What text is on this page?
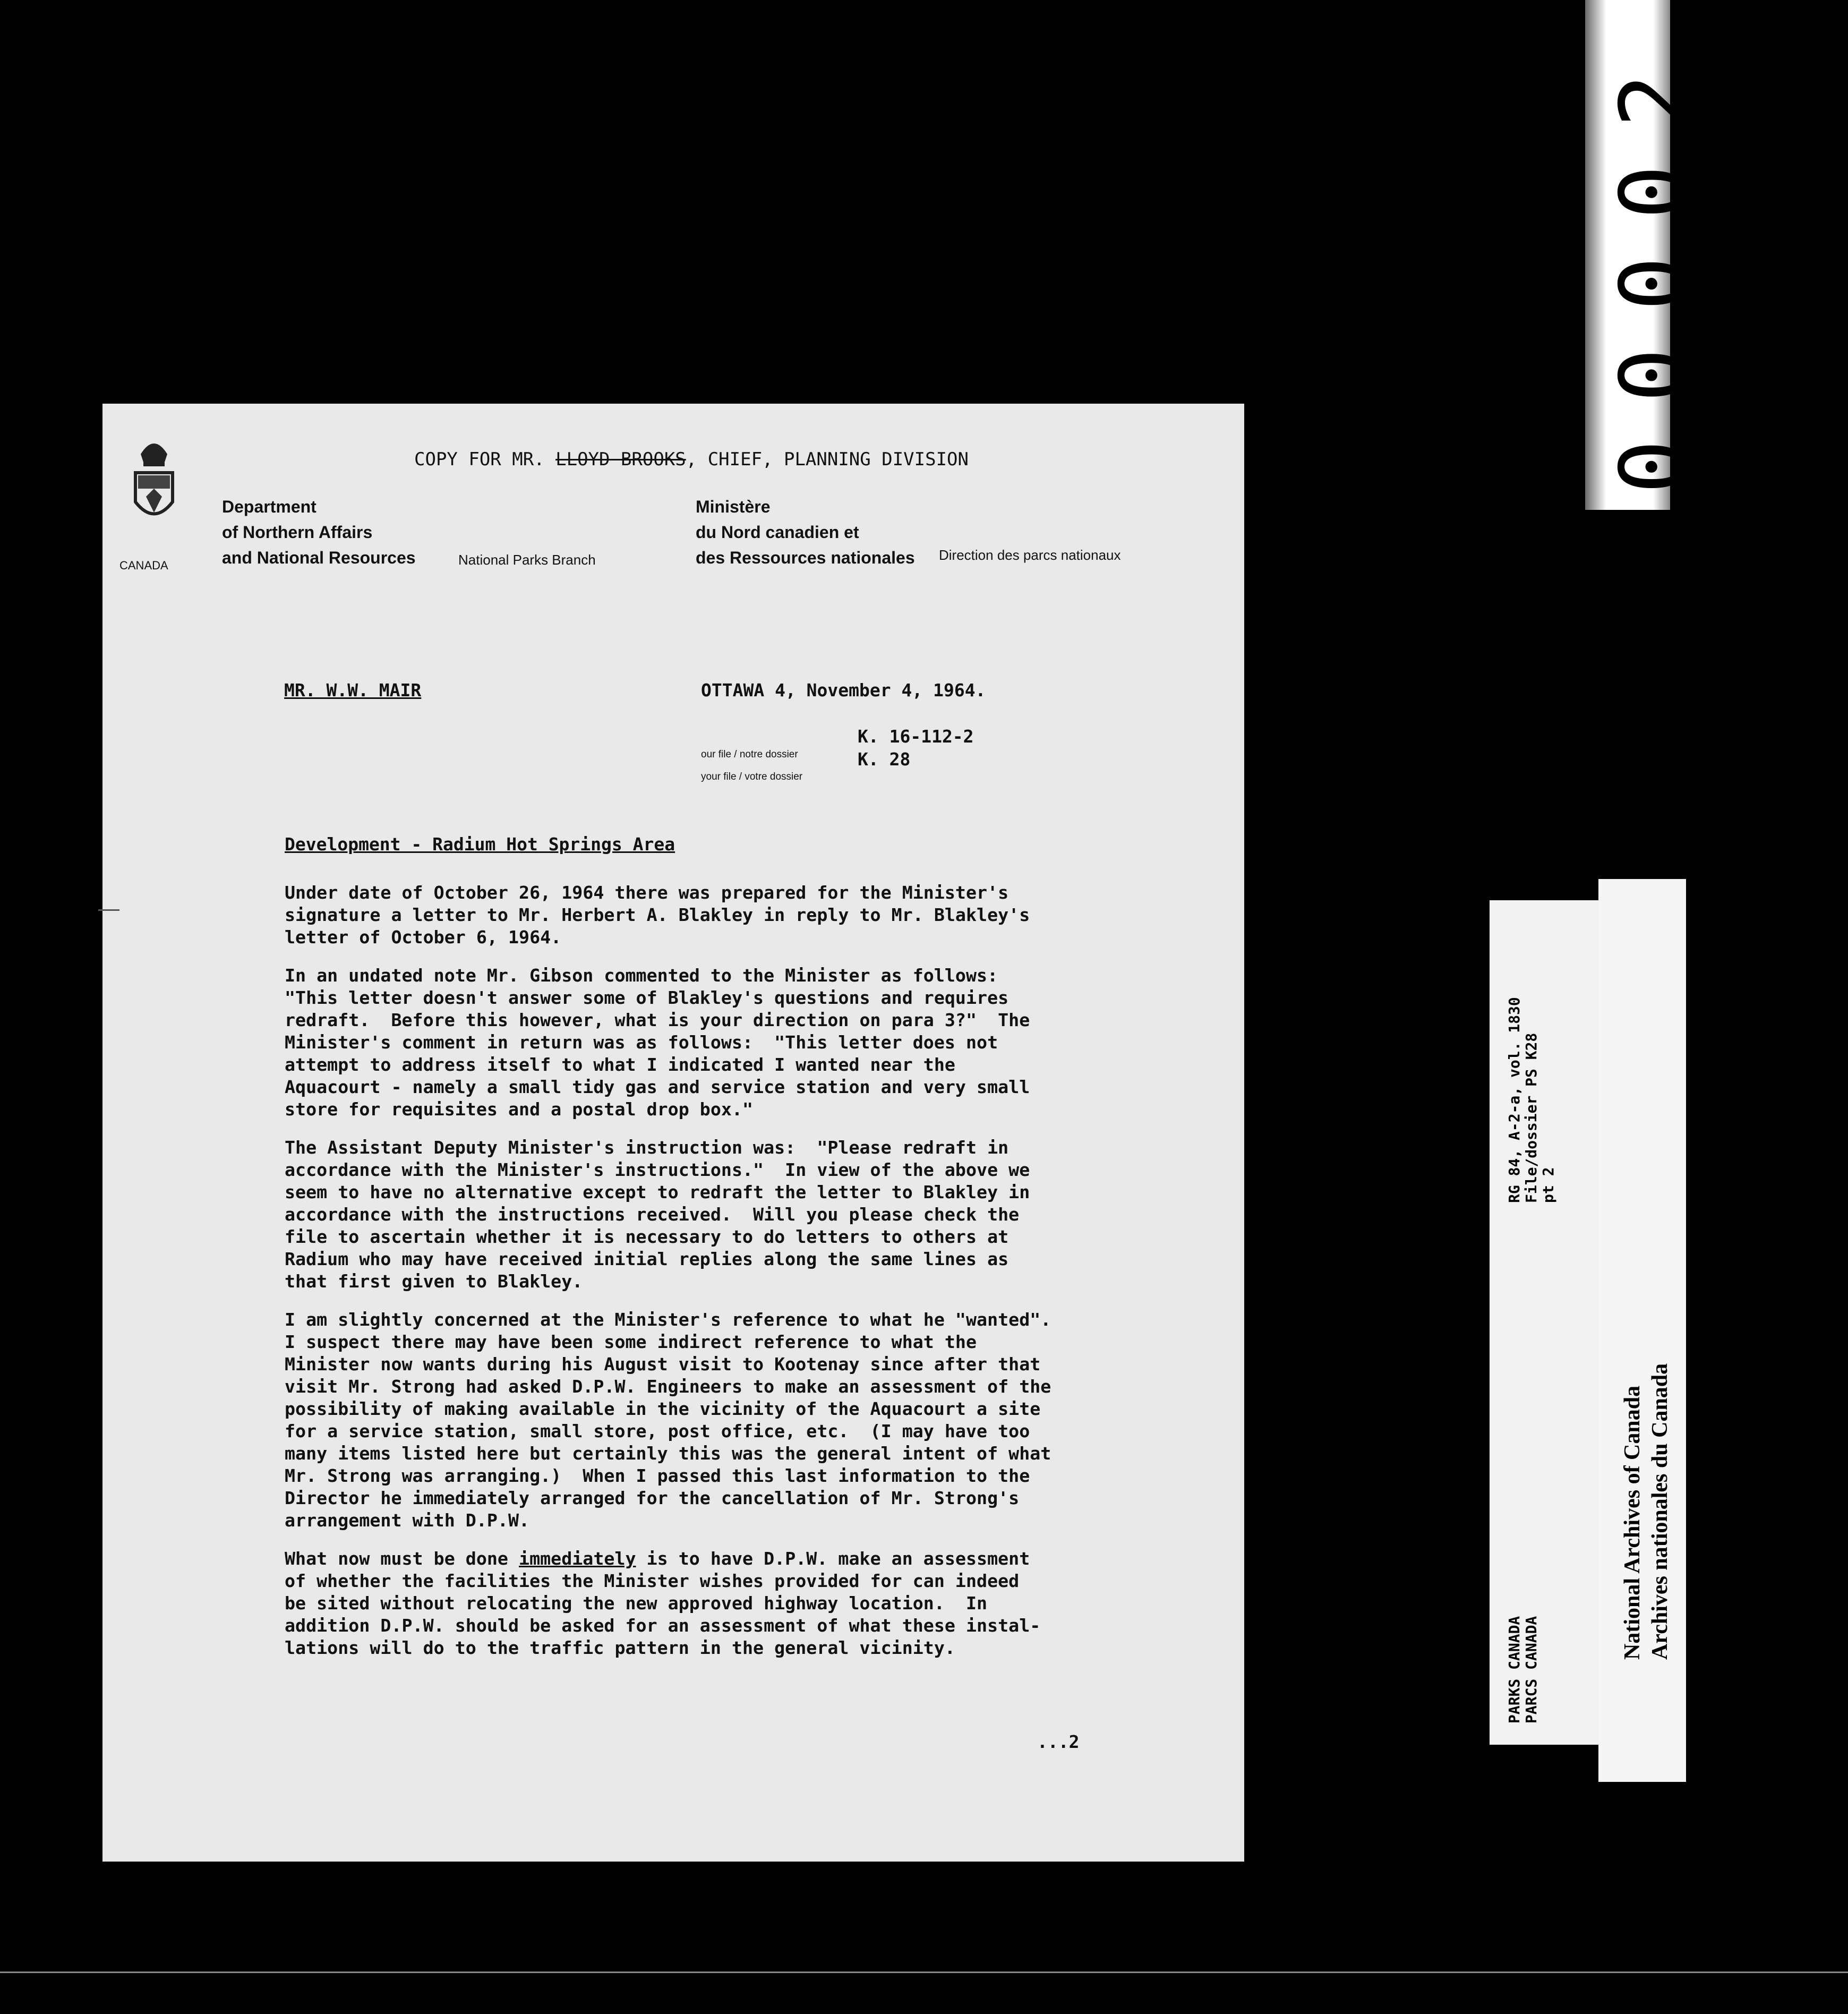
00002
COPY FOR MR. LLOYD BROOKS, CHIEF, PLANNING DIVISION
CANADA
Department
of Northern Affairs
and National Resources	National Parks Branch
Ministère
du Nord canadien et
des Ressources nationales Direction des parcs nationaux
MR. W.W. MAIR	OTTAWA 4, November 4, 1964.
our file / notre dossier
K. 16-112-2
your file / votre dossier
K. 28
Development - Radium Hot Springs Area

Under date of October 26, 1964 there was prepared for the Minister's
signature a letter to Mr. Herbert A. Blakley in reply to Mr. Blakley's
letter of October 6, 1964.

In an undated note Mr. Gibson commented to the Minister as follows:
"This letter doesn't answer some of Blakley's questions and requires
redraft.  Before this however, what is your direction on para 3?"  The
Minister's comment in return was as follows:  "This letter does not
attempt to address itself to what I indicated I wanted near the
Aquacourt - namely a small tidy gas and service station and very small
store for requisites and a postal drop box."

The Assistant Deputy Minister's instruction was:  "Please redraft in
accordance with the Minister's instructions."  In view of the above we
seem to have no alternative except to redraft the letter to Blakley in
accordance with the instructions received.  Will you please check the
file to ascertain whether it is necessary to do letters to others at
Radium who may have received initial replies along the same lines as
that first given to Blakley.

I am slightly concerned at the Minister's reference to what he "wanted".
I suspect there may have been some indirect reference to what the
Minister now wants during his August visit to Kootenay since after that
visit Mr. Strong had asked D.P.W. Engineers to make an assessment of the
possibility of making available in the vicinity of the Aquacourt a site
for a service station, small store, post office, etc.  (I may have too
many items listed here but certainly this was the general intent of what
Mr. Strong was arranging.)  When I passed this last information to the
Director he immediately arranged for the cancellation of Mr. Strong's
arrangement with D.P.W.

What now must be done immediately is to have D.P.W. make an assessment
of whether the facilities the Minister wishes provided for can indeed
be sited without relocating the new approved highway location.  In
addition D.P.W. should be asked for an assessment of what these instal-
lations will do to the traffic pattern in the general vicinity.

...2
PARKS CANADA PARCS CANADA
RG 84, A-2-a, vol. 1830 File/dossier PS K28 pt 2
National Archives of Canada Archives nationales du Canada
